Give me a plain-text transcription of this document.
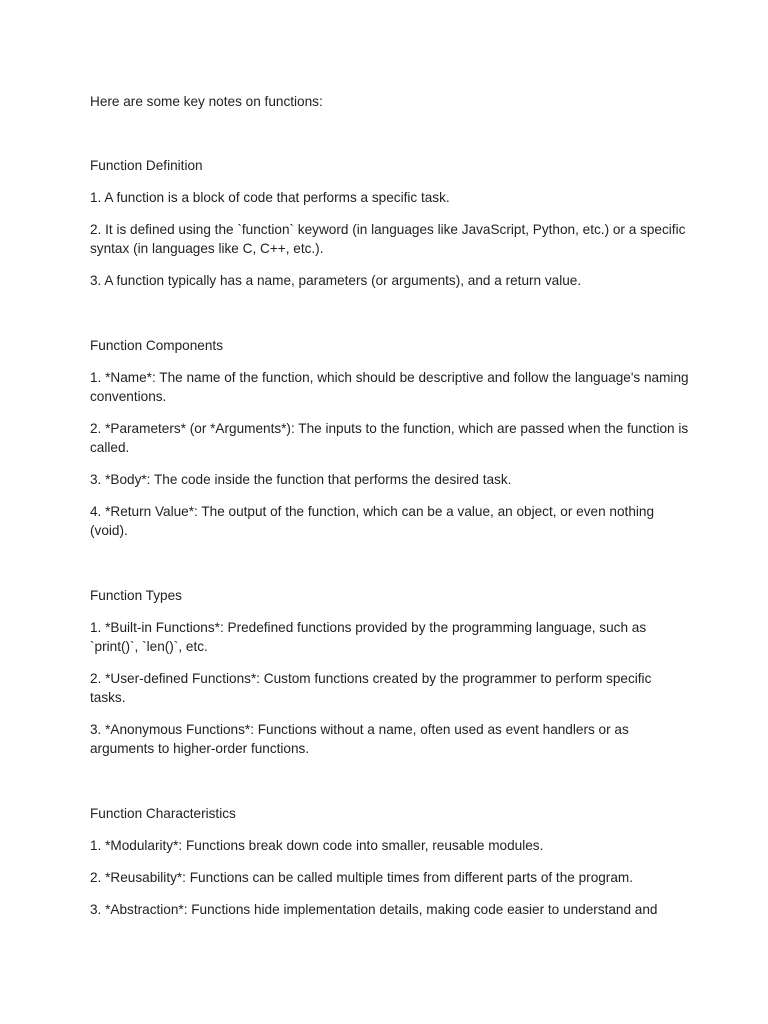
Here are some key notes on functions:

Function Definition
1. A function is a block of code that performs a specific task.
2. It is defined using the `function` keyword (in languages like JavaScript, Python, etc.) or a specific syntax (in languages like C, C++, etc.).
3. A function typically has a name, parameters (or arguments), and a return value.
Function Components
1. *Name*: The name of the function, which should be descriptive and follow the language's naming conventions.
2. *Parameters* (or *Arguments*): The inputs to the function, which are passed when the function is called.
3. *Body*: The code inside the function that performs the desired task.
4. *Return Value*: The output of the function, which can be a value, an object, or even nothing (void).
Function Types
1. *Built-in Functions*: Predefined functions provided by the programming language, such as `print()`, `len()`, etc.
2. *User-defined Functions*: Custom functions created by the programmer to perform specific tasks.
3. *Anonymous Functions*: Functions without a name, often used as event handlers or as arguments to higher-order functions.
Function Characteristics
1. *Modularity*: Functions break down code into smaller, reusable modules.
2. *Reusability*: Functions can be called multiple times from different parts of the program.
3. *Abstraction*: Functions hide implementation details, making code easier to understand and
